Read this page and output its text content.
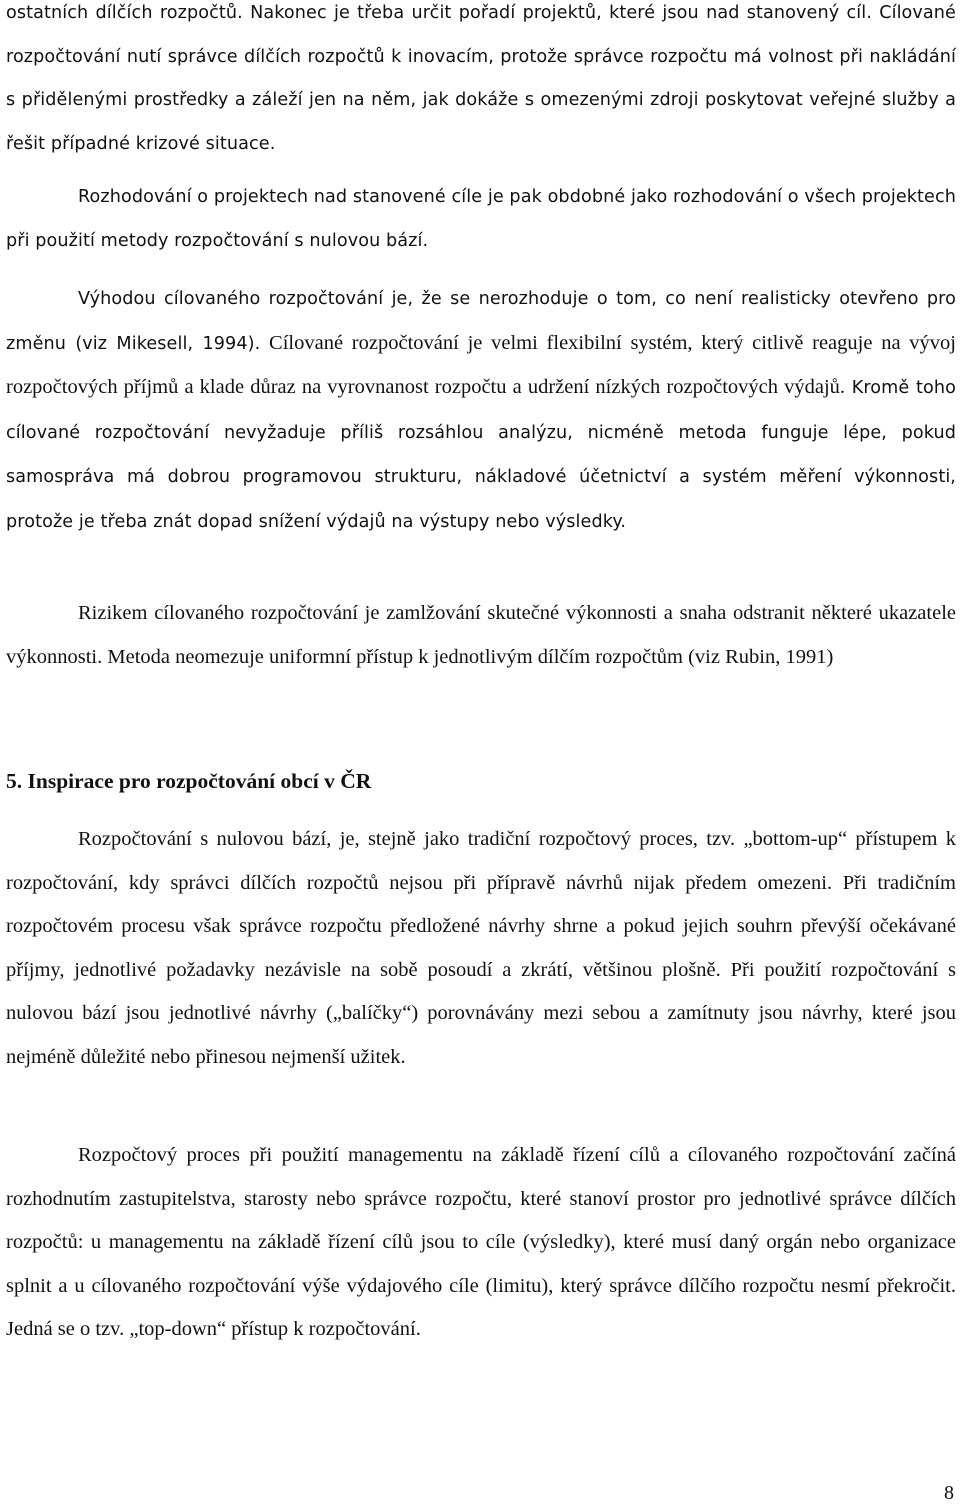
ostatních dílčích rozpočtů. Nakonec je třeba určit pořadí projektů, které jsou nad stanovený cíl. Cílované rozpočtování nutí správce dílčích rozpočtů k inovacím, protože správce rozpočtu má volnost při nakládání s přidělenými prostředky a záleží jen na něm, jak dokáže s omezenými zdroji poskytovat veřejné služby a řešit případné krizové situace.

Rozhodování o projektech nad stanovené cíle je pak obdobné jako rozhodování o všech projektech při použití metody rozpočtování s nulovou bází.

Výhodou cílovaného rozpočtování je, že se nerozhoduje o tom, co není realisticky otevřeno pro změnu (viz Mikesell, 1994). Cílované rozpočtování je velmi flexibilní systém, který citlivě reaguje na vývoj rozpočtových příjmů a klade důraz na vyrovnanost rozpočtu a udržení nízkých rozpočtových výdajů. Kromě toho cílované rozpočtování nevyžaduje příliš rozsáhlou analýzu, nicméně metoda funguje lépe, pokud samospráva má dobrou programovou strukturu, nákladové účetnictví a systém měření výkonnosti, protože je třeba znát dopad snížení výdajů na výstupy nebo výsledky.

Rizikem cílovaného rozpočtování je zamlžování skutečné výkonnosti a snaha odstranit některé ukazatele výkonnosti. Metoda neomezuje uniformní přístup k jednotlivým dílčím rozpočtům (viz Rubin, 1991)

5. Inspirace pro rozpočtování obcí v ČR

Rozpočtování s nulovou bází, je, stejně jako tradiční rozpočtový proces, tzv. „bottom-up“ přístupem k rozpočtování, kdy správci dílčích rozpočtů nejsou při přípravě návrhů nijak předem omezeni. Při tradičním rozpočtovém procesu však správce rozpočtu předložené návrhy shrne a pokud jejich souhrn převýší očekávané příjmy, jednotlivé požadavky nezávisle na sobě posoudí a zkrátí, většinou plošně. Při použití rozpočtování s nulovou bází jsou jednotlivé návrhy („balíčky“) porovnávány mezi sebou a zamítnuty jsou návrhy, které jsou nejméně důležité nebo přinesou nejmenší užitek.

Rozpočtový proces při použití managementu na základě řízení cílů a cílovaného rozpočtování začíná rozhodnutím zastupitelstva, starosty nebo správce rozpočtu, které stanoví prostor pro jednotlivé správce dílčích rozpočtů: u managementu na základě řízení cílů jsou to cíle (výsledky), které musí daný orgán nebo organizace splnit a u cílovaného rozpočtování výše výdajového cíle (limitu), který správce dílčího rozpočtu nesmí překročit. Jedná se o tzv. „top-down“ přístup k rozpočtování.

8
